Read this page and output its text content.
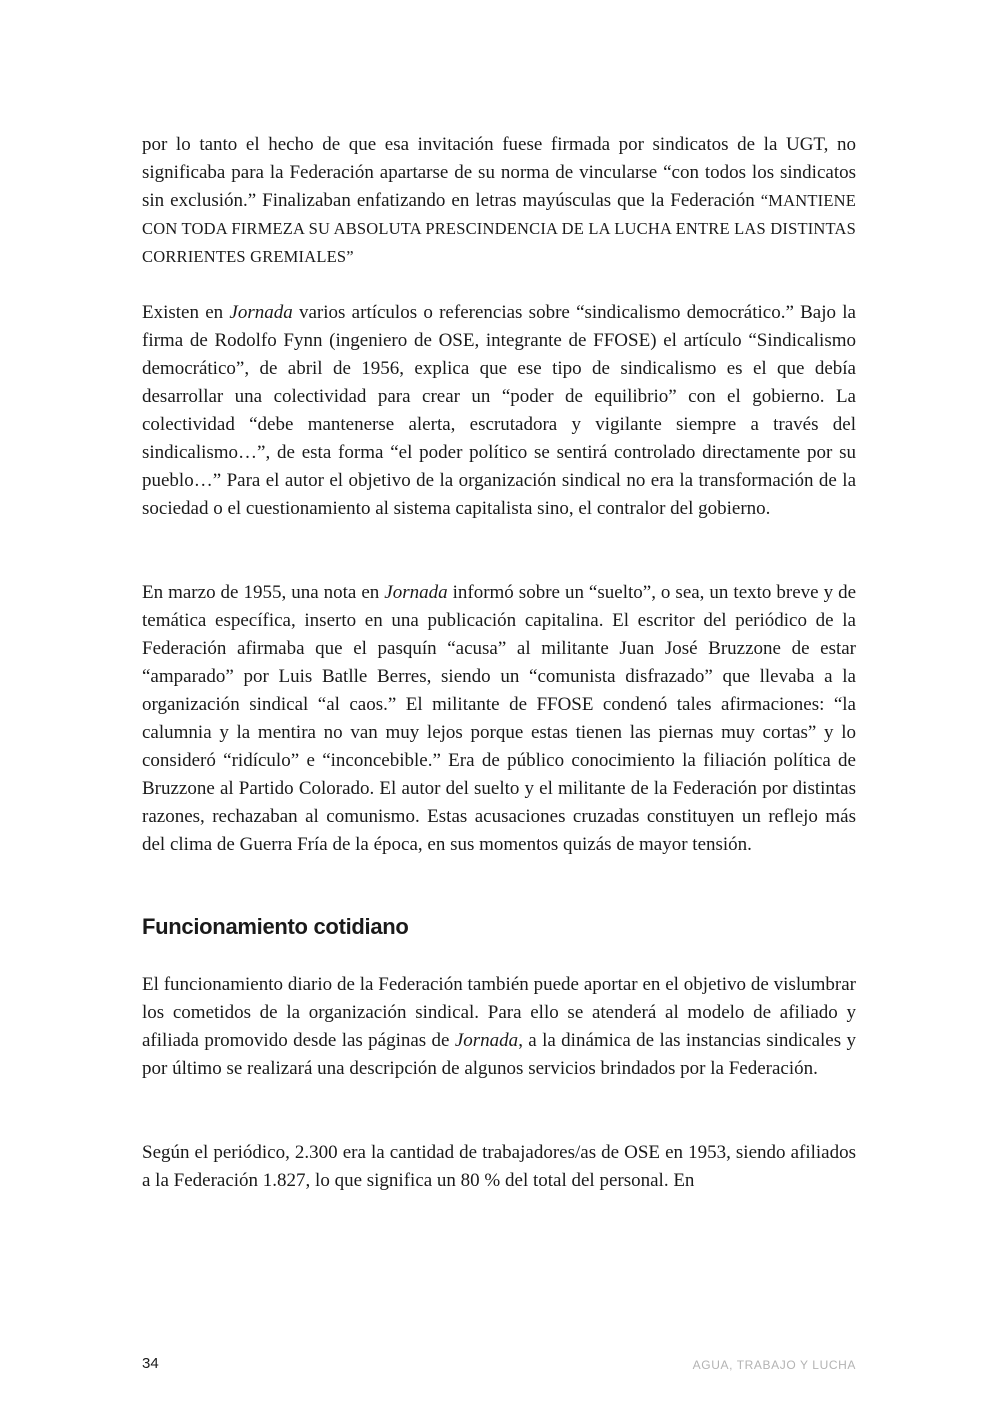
por lo tanto el hecho de que esa invitación fuese firmada por sindicatos de la UGT, no significaba para la Federación apartarse de su norma de vincularse “con todos los sindicatos sin exclusión.” Finalizaban enfatizando en letras mayúsculas que la Federación “MANTIENE CON TODA FIRMEZA SU ABSOLUTA PRESCINDENCIA DE LA LUCHA ENTRE LAS DISTINTAS CORRIENTES GREMIALES”

Existen en Jornada varios artículos o referencias sobre “sindicalismo democrático.” Bajo la firma de Rodolfo Fynn (ingeniero de OSE, integrante de FFOSE) el artículo “Sindicalismo democrático”, de abril de 1956, explica que ese tipo de sindicalismo es el que debía desarrollar una colectividad para crear un “poder de equilibrio” con el gobierno. La colectividad “debe mantenerse alerta, escrutadora y vigilante siempre a través del sindicalismo…”, de esta forma “el poder político se sentirá controlado directamente por su pueblo…” Para el autor el objetivo de la organización sindical no era la transformación de la sociedad o el cuestionamiento al sistema capitalista sino, el contralor del gobierno.

En marzo de 1955, una nota en Jornada informó sobre un “suelto”, o sea, un texto breve y de temática específica, inserto en una publicación capitalina. El escritor del periódico de la Federación afirmaba que el pasquín “acusa” al militante Juan José Bruzzone de estar “amparado” por Luis Batlle Berres, siendo un “comunista disfrazado” que llevaba a la organización sindical “al caos.” El militante de FFOSE condenó tales afirmaciones: “la calumnia y la mentira no van muy lejos porque estas tienen las piernas muy cortas” y lo consideró “ridículo” e “inconcebible.” Era de público conocimiento la filiación política de Bruzzone al Partido Colorado. El autor del suelto y el militante de la Federación por distintas razones, rechazaban al comunismo. Estas acusaciones cruzadas constituyen un reflejo más del clima de Guerra Fría de la época, en sus momentos quizás de mayor tensión.

Funcionamiento cotidiano

El funcionamiento diario de la Federación también puede aportar en el objetivo de vislumbrar los cometidos de la organización sindical. Para ello se atenderá al modelo de afiliado y afiliada promovido desde las páginas de Jornada, a la dinámica de las instancias sindicales y por último se realizará una descripción de algunos servicios brindados por la Federación.

Según el periódico, 2.300 era la cantidad de trabajadores/as de OSE en 1953, siendo afiliados a la Federación 1.827, lo que significa un 80 % del total del personal. En

34	AGUA, TRABAJO Y LUCHA
